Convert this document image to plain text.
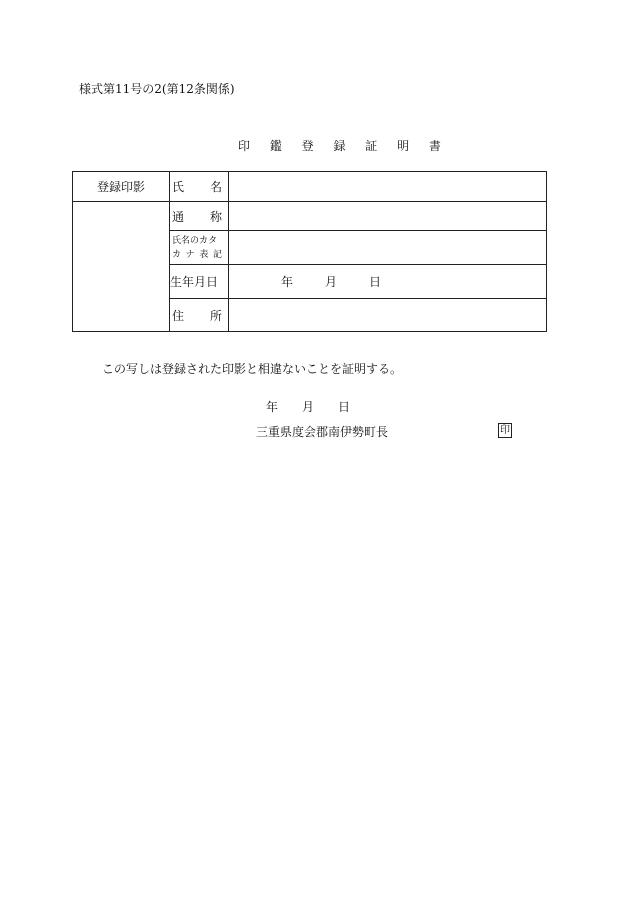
様式第11号の2(第12条関係)
印 鑑 登 録 証 明 書
登録印影	氏 名	

	通 称	

	氏名のカタ
カ ナ 表 記	

	生年月日	年 月 日

	住 所	

この写しは登録された印影と相違ないことを証明する。
年 月 日
三重県度会郡南伊勢町長	印
